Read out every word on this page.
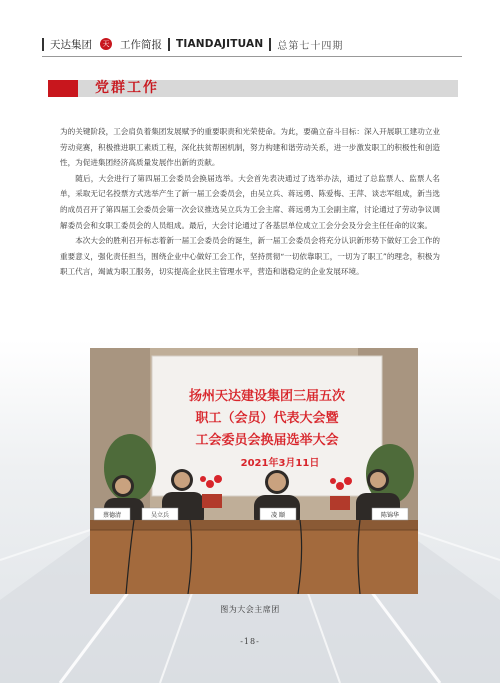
天达集团	天 工作简报 TIANDAJITUAN 总第七十四期
党群工作

为的关键阶段，工会肩负着集团发展赋予的重要职责和光荣使命。为此，要确立奋斗目标：深入开展职工建功立业劳动竞赛，积极推进职工素质工程，深化扶贫帮困机制，努力构建和谐劳动关系，进一步激发职工的积极性和创造性，为促进集团经济高质量发展作出新的贡献。

随后，大会进行了第四届工会委员会换届选举。大会首先表决通过了选举办法，通过了总监票人、监票人名单，采取无记名投票方式选举产生了新一届工会委员会，由吴立兵、蒋远勇、陈爱梅、王萍、谈志军组成，新当选的成员召开了第四届工会委员会第一次会议推选吴立兵为工会主席、蒋远勇为工会副主席，讨论通过了劳动争议调解委员会和女职工委员会的人员组成。最后，大会讨论通过了各基层单位成立工会分会及分会主任任命的议案。

本次大会的胜利召开标志着新一届工会委员会的诞生，新一届工会委员会将充分认识新形势下做好工会工作的重要意义，强化责任担当，围绕企业中心做好工会工作，坚持贯彻“一切依靠职工，一切为了职工”的理念，积极为职工代言，竭诚为职工服务，切实提高企业民主管理水平，营造和谐稳定的企业发展环境。

扬州天达建设集团三届五次
职工（会员）代表大会暨
工会委员会换届选举大会
2021年3月11日
蔡德清	吴立兵	凌 颐	陈锦华
图为大会主席团
-18-
